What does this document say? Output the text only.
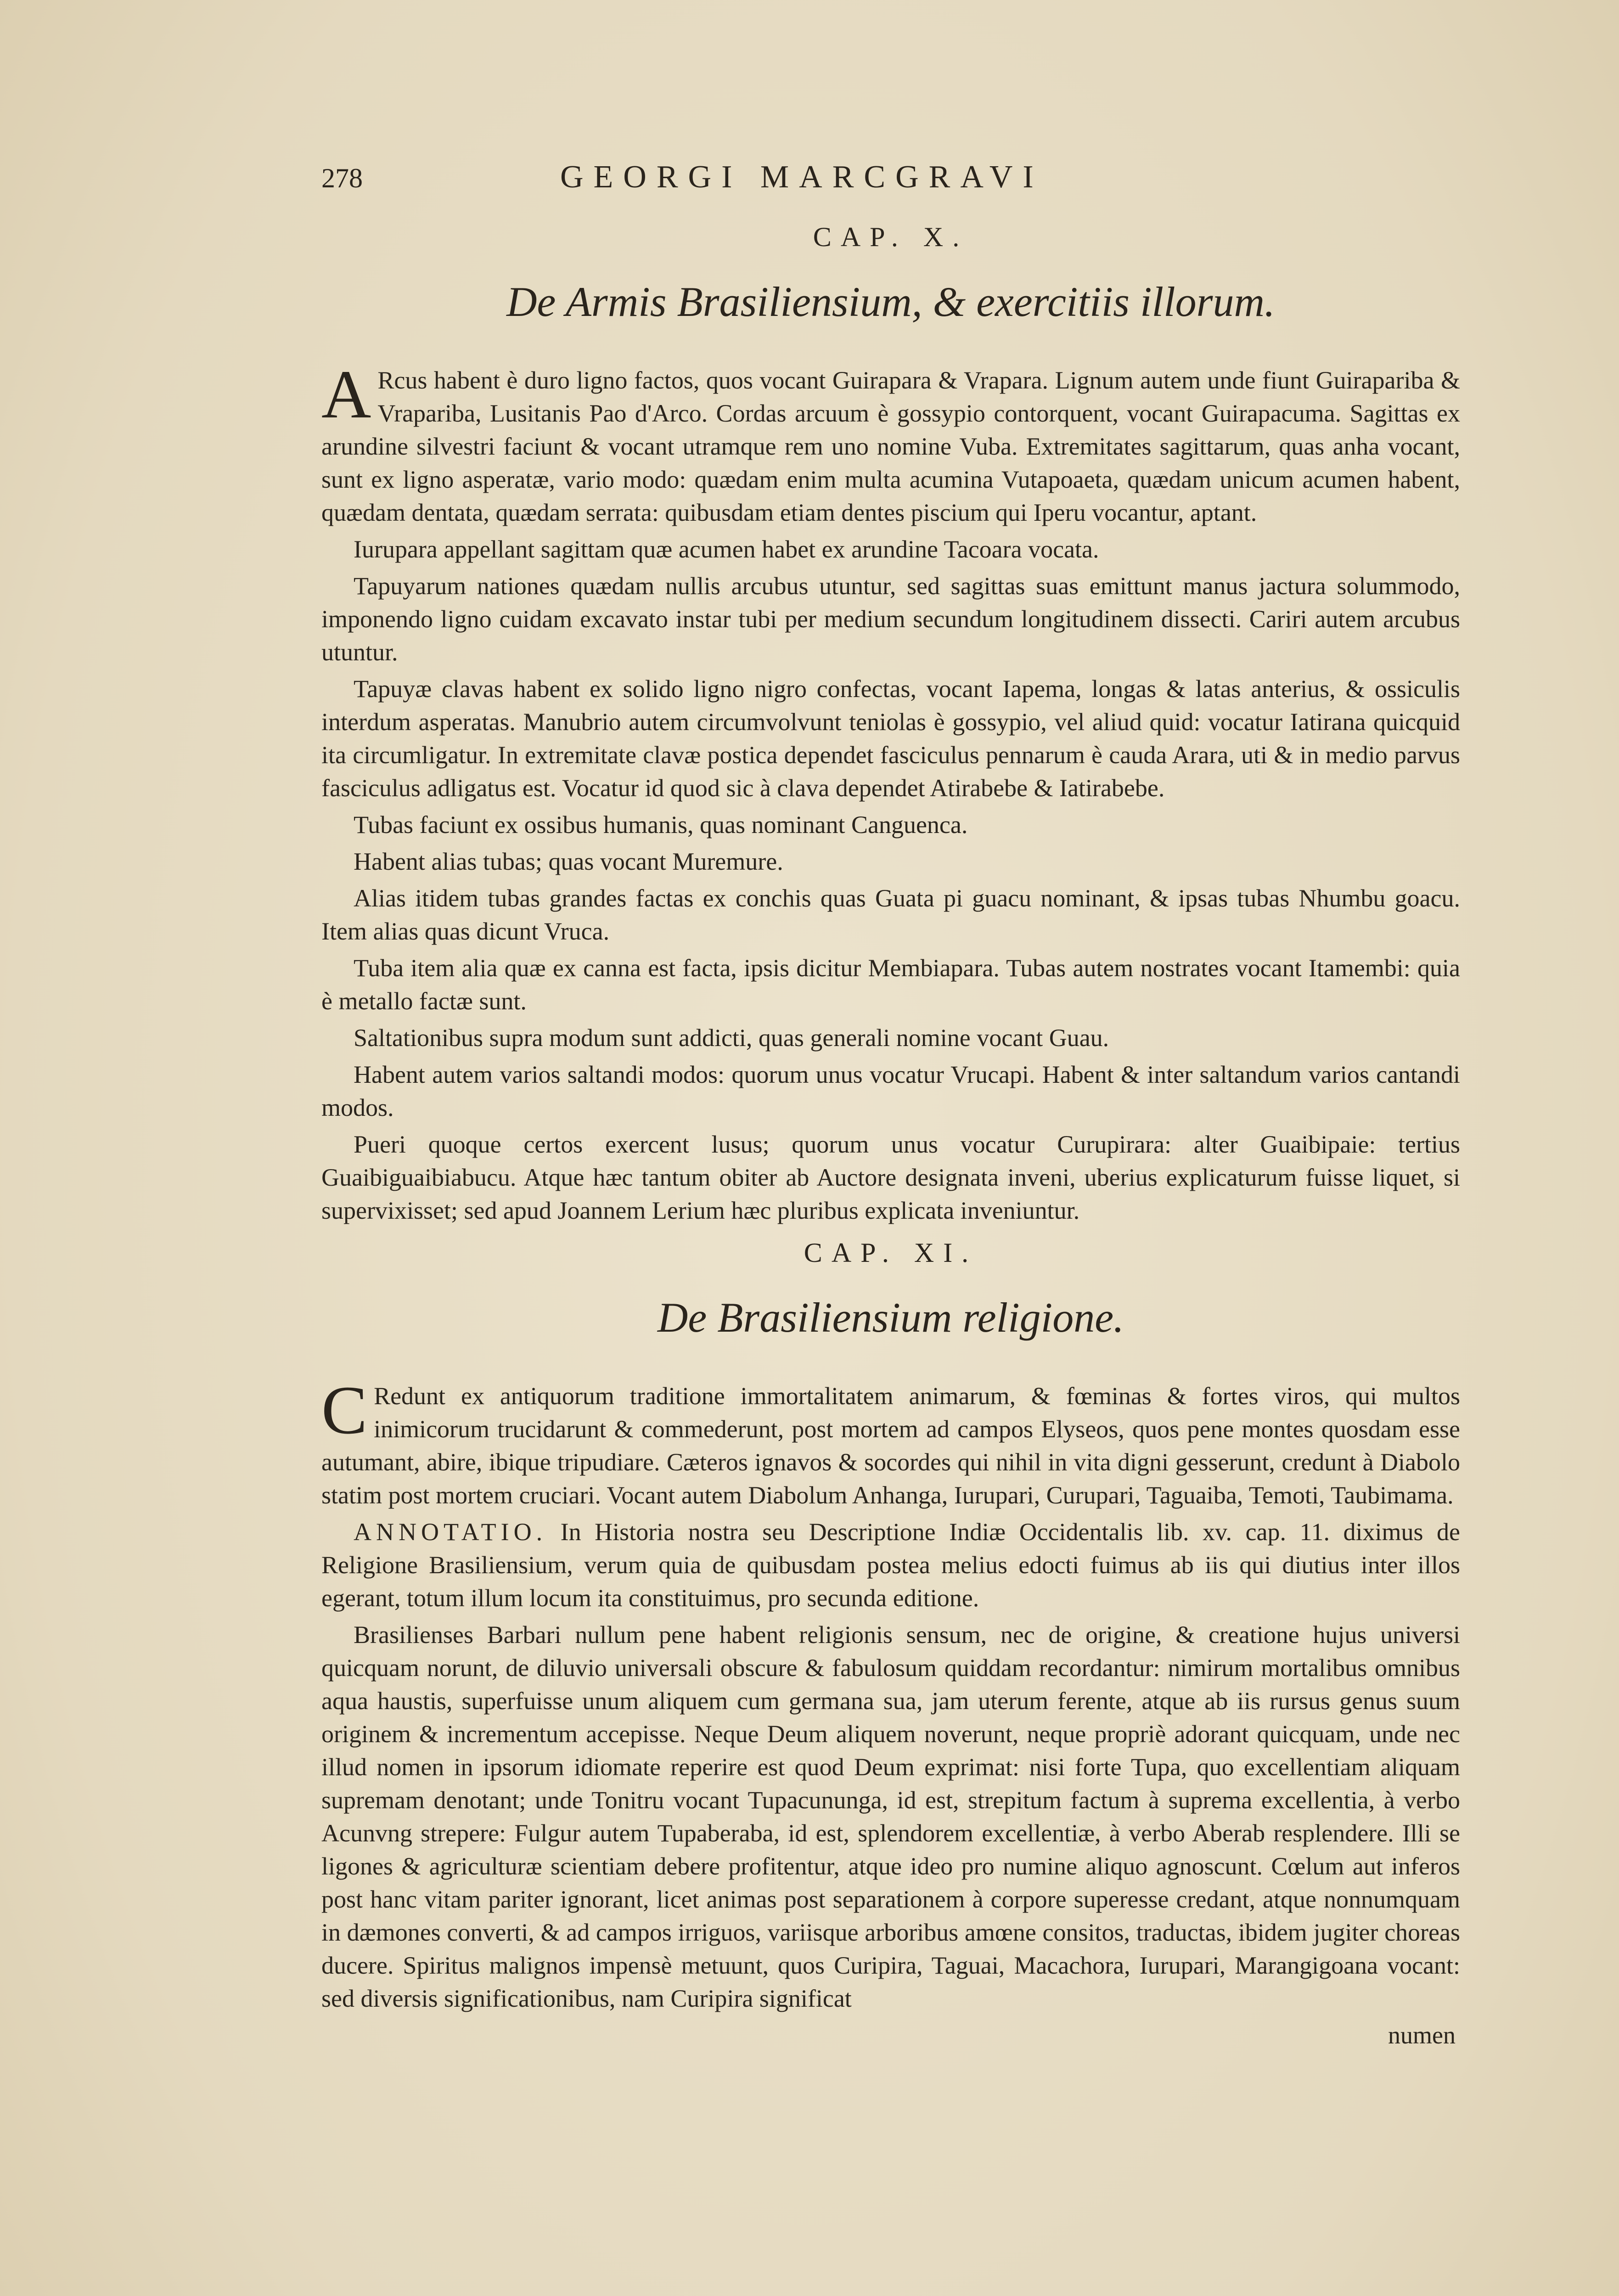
278	GEORGI MARCGRAVI
CAP. X.
De Armis Brasiliensium, & exercitiis illorum.

A Rcus habent è duro ligno factos, quos vocant Guirapara & Vrapara. Lignum autem unde fiunt Guirapariba & Vrapariba, Lusitanis Pao d'Arco. Cordas arcuum è gossypio contorquent, vocant Guirapacuma. Sagittas ex arundine silvestri faciunt & vocant utramque rem uno nomine Vuba. Extremitates sagittarum, quas anha vocant, sunt ex ligno asperatæ, vario modo: quædam enim multa acumina Vutapoaeta, quædam unicum acumen habent, quædam dentata, quædam serrata: quibusdam etiam dentes piscium qui Iperu vocantur, aptant.

Iurupara appellant sagittam quæ acumen habet ex arundine Tacoara vocata.

Tapuyarum nationes quædam nullis arcubus utuntur, sed sagittas suas emittunt manus jactura solummodo, imponendo ligno cuidam excavato instar tubi per medium secundum longitudinem dissecti. Cariri autem arcubus utuntur.

Tapuyæ clavas habent ex solido ligno nigro confectas, vocant Iapema, longas & latas anterius, & ossiculis interdum asperatas. Manubrio autem circumvolvunt teniolas è gossypio, vel aliud quid: vocatur Iatirana quicquid ita circumligatur. In extremitate clavæ postica dependet fasciculus pennarum è cauda Arara, uti & in medio parvus fasciculus adligatus est. Vocatur id quod sic à clava dependet Atirabebe & Iatirabebe.

Tubas faciunt ex ossibus humanis, quas nominant Canguenca.

Habent alias tubas; quas vocant Muremure.

Alias itidem tubas grandes factas ex conchis quas Guata pi guacu nominant, & ipsas tubas Nhumbu goacu. Item alias quas dicunt Vruca.

Tuba item alia quæ ex canna est facta, ipsis dicitur Membiapara. Tubas autem nostrates vocant Itamembi: quia è metallo factæ sunt.

Saltationibus supra modum sunt addicti, quas generali nomine vocant Guau.

Habent autem varios saltandi modos: quorum unus vocatur Vrucapi. Habent & inter saltandum varios cantandi modos.

Pueri quoque certos exercent lusus; quorum unus vocatur Curupirara: alter Guaibipaie: tertius Guaibiguaibiabucu. Atque hæc tantum obiter ab Auctore designata inveni, uberius explicaturum fuisse liquet, si supervixisset; sed apud Joannem Lerium hæc pluribus explicata inveniuntur.

CAP. XI.
De Brasiliensium religione.

C Redunt ex antiquorum traditione immortalitatem animarum, & fœminas & fortes viros, qui multos inimicorum trucidarunt & commederunt, post mortem ad campos Elyseos, quos pene montes quosdam esse autumant, abire, ibique tripudiare. Cæteros ignavos & socordes qui nihil in vita digni gesserunt, credunt à Diabolo statim post mortem cruciari. Vocant autem Diabolum Anhanga, Iurupari, Curupari, Taguaiba, Temoti, Taubimama.

ANNOTATIO. In Historia nostra seu Descriptione Indiæ Occidentalis lib. xv. cap. 11. diximus de Religione Brasiliensium, verum quia de quibusdam postea melius edocti fuimus ab iis qui diutius inter illos egerant, totum illum locum ita constituimus, pro secunda editione.

Brasilienses Barbari nullum pene habent religionis sensum, nec de origine, & creatione hujus universi quicquam norunt, de diluvio universali obscure & fabulosum quiddam recordantur: nimirum mortalibus omnibus aqua haustis, superfuisse unum aliquem cum germana sua, jam uterum ferente, atque ab iis rursus genus suum originem & incrementum accepisse. Neque Deum aliquem noverunt, neque propriè adorant quicquam, unde nec illud nomen in ipsorum idiomate reperire est quod Deum exprimat: nisi forte Tupa, quo excellentiam aliquam supremam denotant; unde Tonitru vocant Tupacununga, id est, strepitum factum à suprema excellentia, à verbo Acunvng strepere: Fulgur autem Tupaberaba, id est, splendorem excellentiæ, à verbo Aberab resplendere. Illi se ligones & agriculturæ scientiam debere profitentur, atque ideo pro numine aliquo agnoscunt. Cœlum aut inferos post hanc vitam pariter ignorant, licet animas post separationem à corpore superesse credant, atque nonnumquam in dæmones converti, & ad campos irriguos, variisque arboribus amœne consitos, traductas, ibidem jugiter choreas ducere. Spiritus malignos impensè metuunt, quos Curipira, Taguai, Macachora, Iurupari, Marangigoana vocant: sed diversis significationibus, nam Curipira significat

numen
